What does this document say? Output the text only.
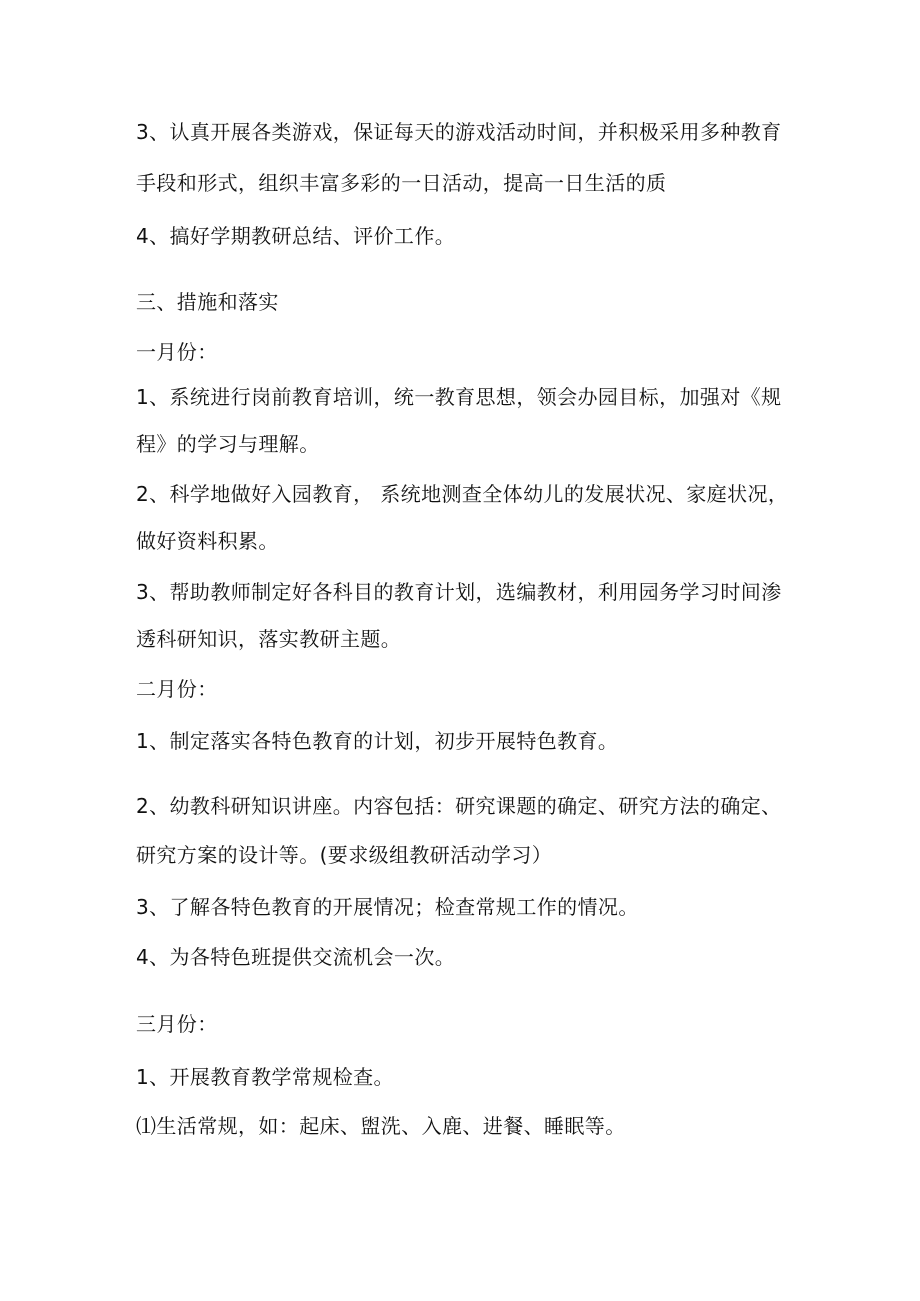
3、认真开展各类游戏，保证每天的游戏活动时间，并积极采用多种教育
手段和形式，组织丰富多彩的一日活动，提高一日生活的质
4、搞好学期教研总结、评价工作。
三、措施和落实
一月份：
1、系统进行岗前教育培训，统一教育思想，领会办园目标，加强对《规
程》的学习与理解。
2、科学地做好入园教育， 系统地测查全体幼儿的发展状况、家庭状况，
做好资料积累。
3、帮助教师制定好各科目的教育计划，选编教材，利用园务学习时间渗
透科研知识，落实教研主题。
二月份：
1、制定落实各特色教育的计划，初步开展特色教育。
2、幼教科研知识讲座。内容包括：研究课题的确定、研究方法的确定、
研究方案的设计等。(要求级组教研活动学习）
3、了解各特色教育的开展情况；检查常规工作的情况。
4、为各特色班提供交流机会一次。
三月份：
1、开展教育教学常规检查。
⑴生活常规，如：起床、盥洗、入鹿、进餐、睡眠等。
